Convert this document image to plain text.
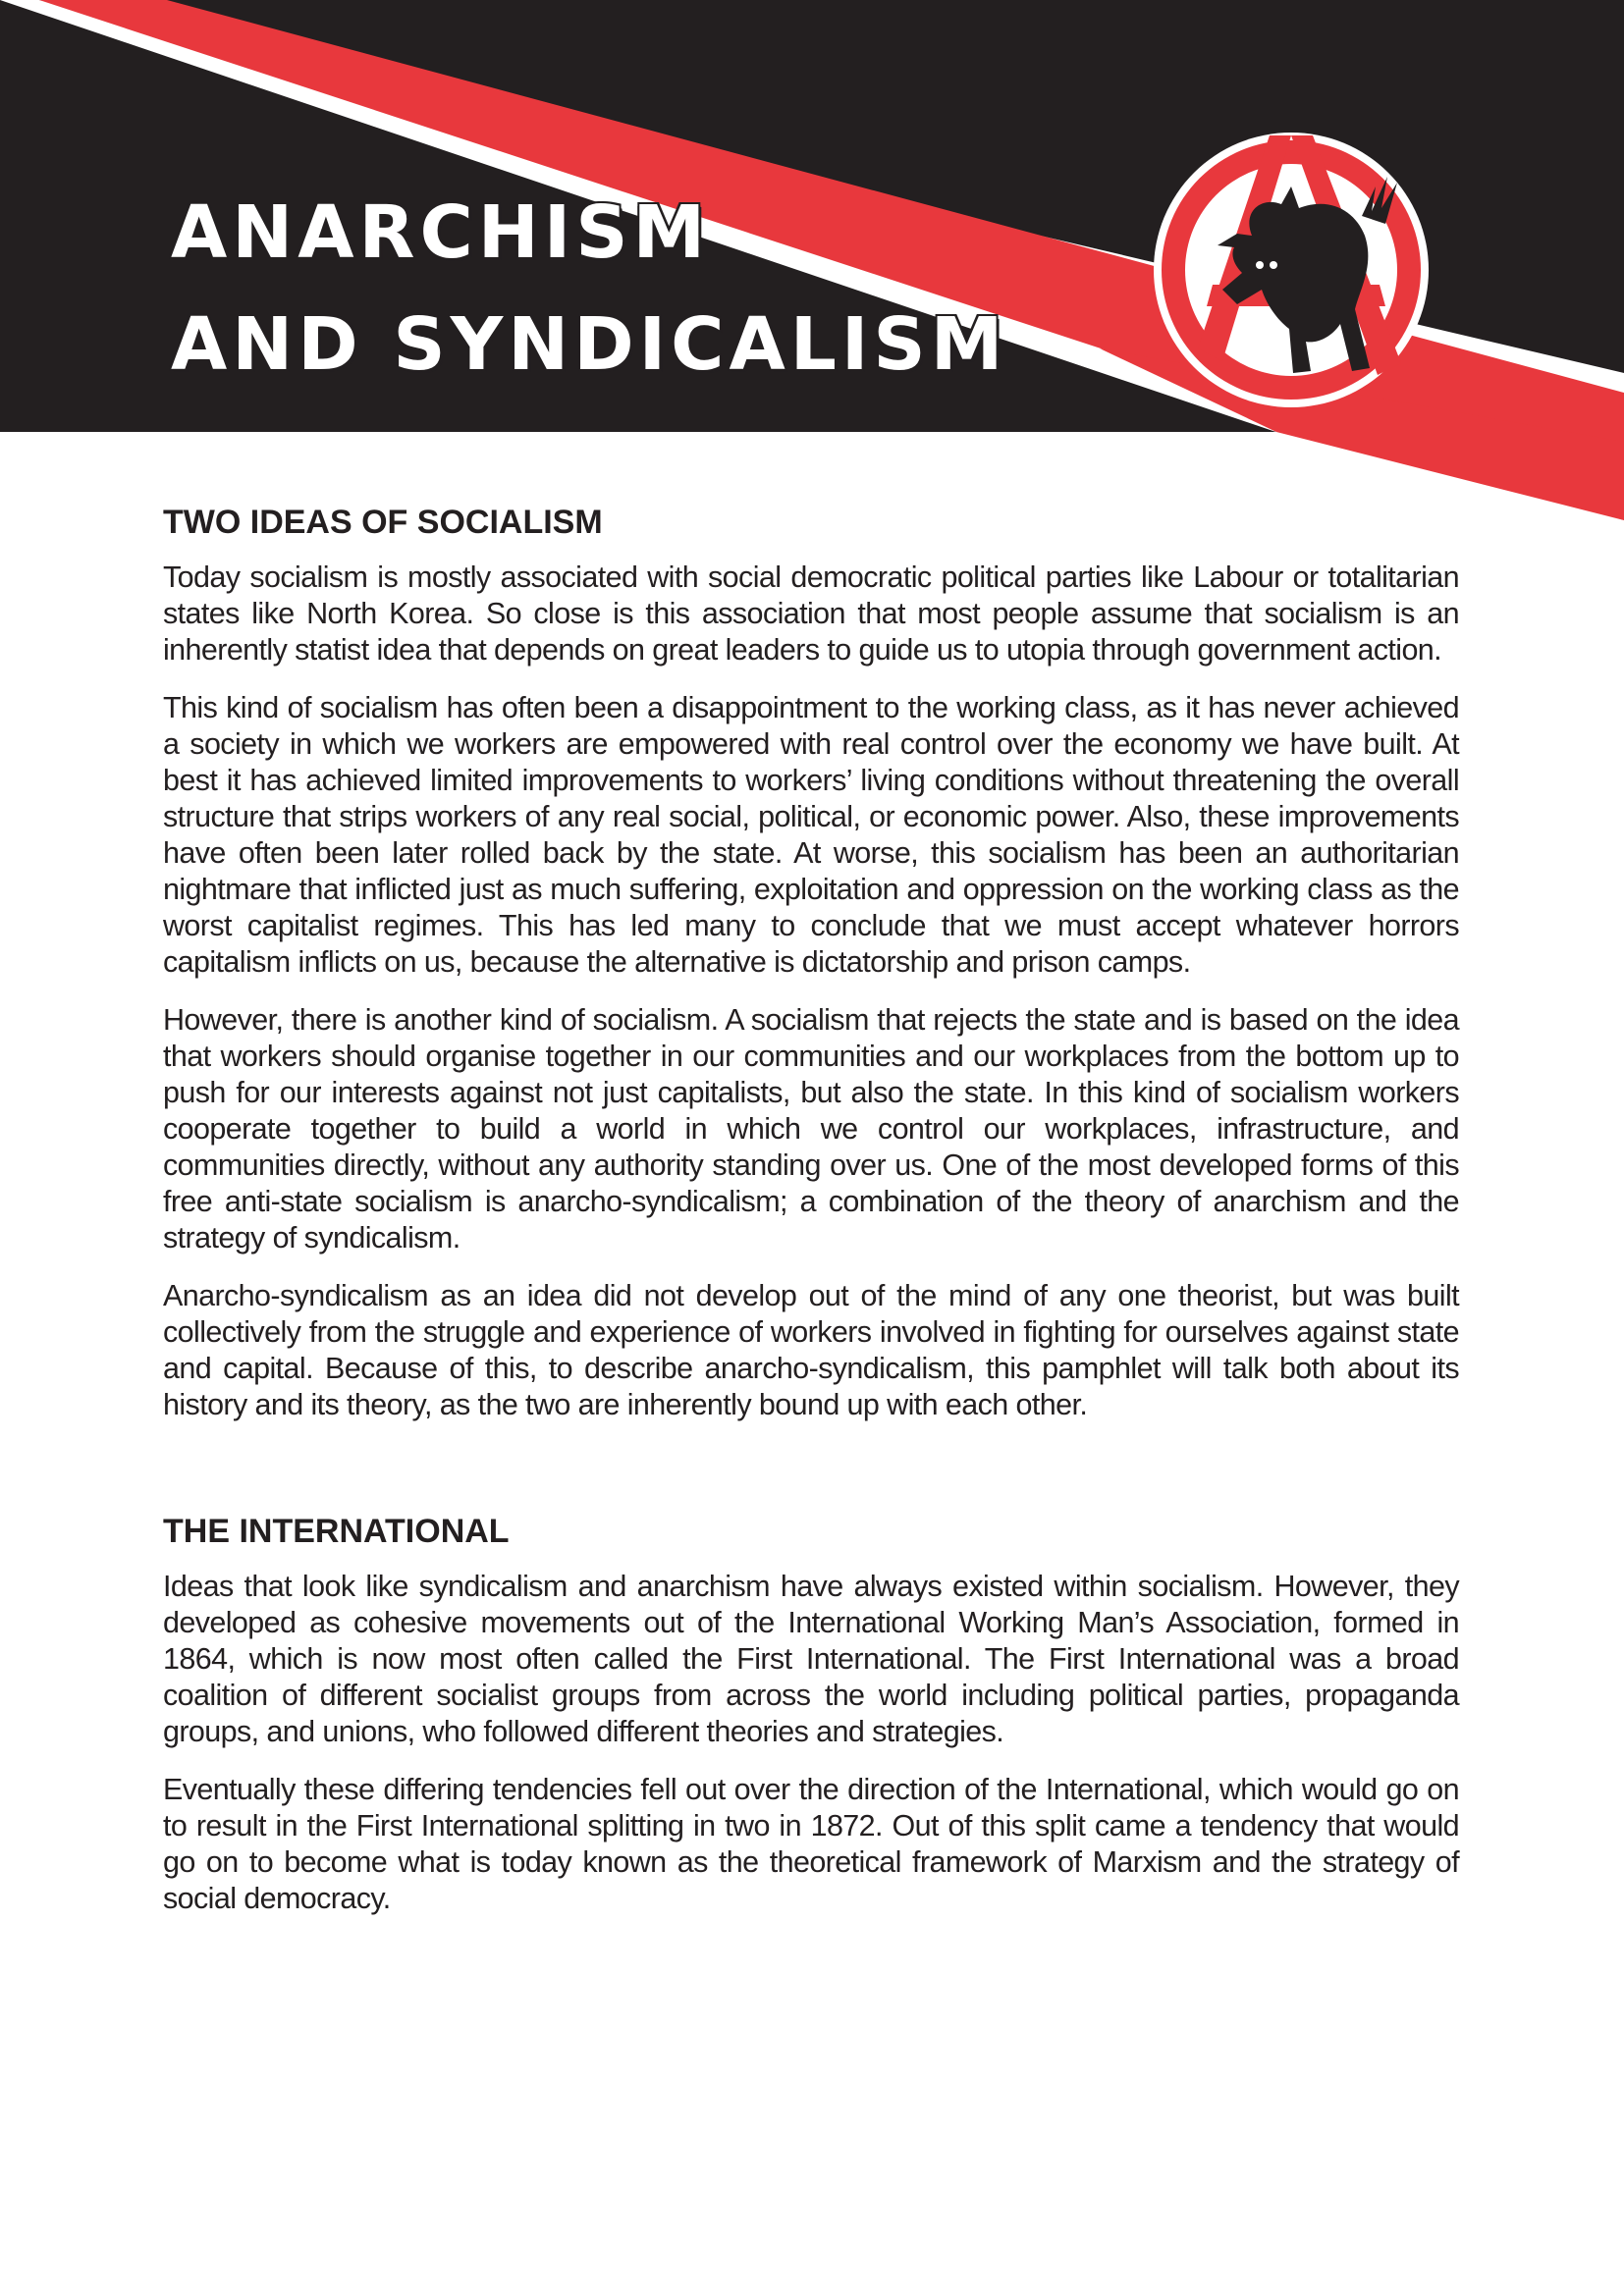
ANARCHISM
AND SYNDICALISM
TWO IDEAS OF SOCIALISM

Today socialism is mostly associated with social democratic political parties like Labour or totalitarian states like North Korea. So close is this association that most people assume that socialism is an inherently statist idea that depends on great leaders to guide us to utopia through government action.

This kind of socialism has often been a disappointment to the working class, as it has never achieved a society in which we workers are empowered with real control over the economy we have built. At best it has achieved limited improvements to workers’ living conditions without threatening the overall structure that strips workers of any real social, political, or economic power. Also, these improvements have often been later rolled back by the state. At worse, this socialism has been an authoritarian nightmare that inflicted just as much suffering, exploitation and oppression on the working class as the worst capitalist regimes. This has led many to conclude that we must accept whatever horrors capitalism inflicts on us, because the alternative is dictatorship and prison camps.

However, there is another kind of socialism. A socialism that rejects the state and is based on the idea that workers should organise together in our communities and our workplaces from the bottom up to push for our interests against not just capitalists, but also the state. In this kind of socialism workers cooperate together to build a world in which we control our workplaces, infrastructure, and communities directly, without any authority standing over us. One of the most developed forms of this free anti-state socialism is anarcho-syndicalism; a combination of the theory of anarchism and the strategy of syndicalism.

Anarcho-syndicalism as an idea did not develop out of the mind of any one theorist, but was built collectively from the struggle and experience of workers involved in fighting for ourselves against state and capital. Because of this, to describe anarcho-syndicalism, this pamphlet will talk both about its history and its theory, as the two are inherently bound up with each other.

THE INTERNATIONAL

Ideas that look like syndicalism and anarchism have always existed within socialism. However, they developed as cohesive movements out of the International Working Man’s Association, formed in 1864, which is now most often called the First International. The First International was a broad coalition of different socialist groups from across the world including political parties, propaganda groups, and unions, who followed different theories and strategies.

Eventually these differing tendencies fell out over the direction of the International, which would go on to result in the First International splitting in two in 1872. Out of this split came a tendency that would go on to become what is today known as the theoretical framework of Marxism and the strategy of social democracy.
